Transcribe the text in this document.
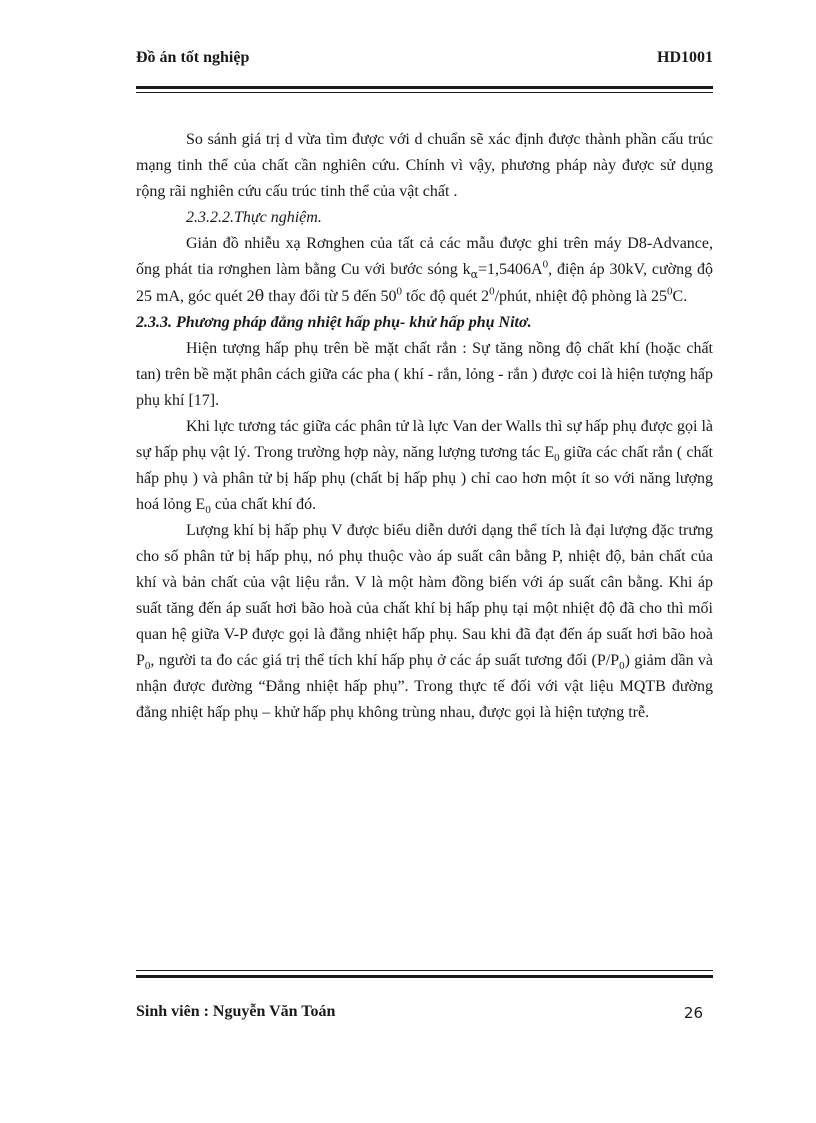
Đồ án tốt nghiệp	HD1001

So sánh giá trị d vừa tìm được với d chuẩn sẽ xác định được thành phần cấu trúc mạng tinh thể của chất cần nghiên cứu. Chính vì vậy, phương pháp này được sử dụng rộng rãi nghiên cứu cấu trúc tinh thể của vật chất .

2.3.2.2.Thực nghiệm.

Giản đồ nhiễu xạ Rơnghen của tất cả các mẫu được ghi trên máy D8-Advance, ống phát tia rơnghen làm bằng Cu với bước sóng $k_\alpha=1,5406A^0$, điện áp 30kV, cường độ 25 mA, góc quét 2θ thay đổi từ 5 đến $50^0$ tốc độ quét $2^0$/phút, nhiệt độ phòng là $25^0C$.

2.3.3. Phương pháp đẳng nhiệt hấp phụ- khử hấp phụ Nitơ.

Hiện tượng hấp phụ trên bề mặt chất rắn : Sự tăng nồng độ chất khí (hoặc chất tan) trên bề mặt phân cách giữa các pha ( khí - rắn, lỏng - rắn ) được coi là hiện tượng hấp phụ khí [17].

Khi lực tương tác giữa các phân tử là lực Van der Walls thì sự hấp phụ được gọi là sự hấp phụ vật lý. Trong trường hợp này, năng lượng tương tác $E_0$ giữa các chất rắn ( chất hấp phụ ) và phân tử bị hấp phụ (chất bị hấp phụ ) chỉ cao hơn một ít so với năng lượng hoá lỏng $E_0$ của chất khí đó.

Lượng khí bị hấp phụ V được biểu diễn dưới dạng thể tích là đại lượng đặc trưng cho số phân tử bị hấp phụ, nó phụ thuộc vào áp suất cân bằng P, nhiệt độ, bản chất của khí và bản chất của vật liệu rắn. V là một hàm đồng biến với áp suất cân bằng. Khi áp suất tăng đến áp suất hơi bão hoà của chất khí bị hấp phụ tại một nhiệt độ đã cho thì mối quan hệ giữa V-P được gọi là đẳng nhiệt hấp phụ. Sau khi đã đạt đến áp suất hơi bão hoà $P_0$, người ta đo các giá trị thể tích khí hấp phụ ở các áp suất tương đối $(P/P_0)$ giảm dần và nhận được đường “Đẳng nhiệt hấp phụ”. Trong thực tế đối với vật liệu MQTB đường đẳng nhiệt hấp phụ – khử hấp phụ không trùng nhau, được gọi là hiện tượng trễ.

Sinh viên : Nguyễn Văn Toán	26
